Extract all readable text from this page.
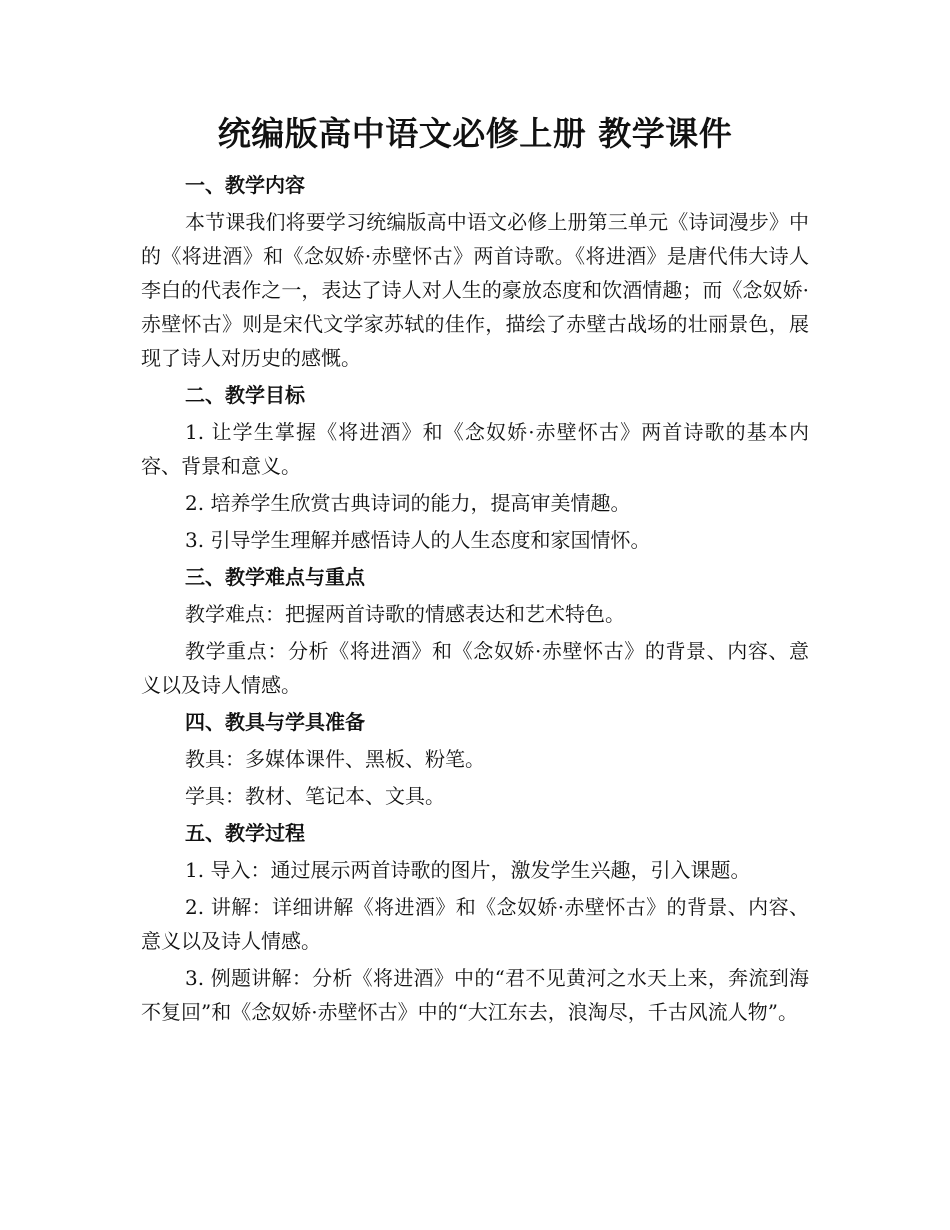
统编版高中语文必修上册 教学课件
一、教学内容

本节课我们将要学习统编版高中语文必修上册第三单元《诗词漫步》中的《将进酒》和《念奴娇·赤壁怀古》两首诗歌。《将进酒》是唐代伟大诗人李白的代表作之一，表达了诗人对人生的豪放态度和饮酒情趣；而《念奴娇·赤壁怀古》则是宋代文学家苏轼的佳作，描绘了赤壁古战场的壮丽景色，展现了诗人对历史的感慨。

二、教学目标

1. 让学生掌握《将进酒》和《念奴娇·赤壁怀古》两首诗歌的基本内容、背景和意义。

2. 培养学生欣赏古典诗词的能力，提高审美情趣。

3. 引导学生理解并感悟诗人的人生态度和家国情怀。

三、教学难点与重点

教学难点：把握两首诗歌的情感表达和艺术特色。

教学重点：分析《将进酒》和《念奴娇·赤壁怀古》的背景、内容、意义以及诗人情感。

四、教具与学具准备

教具：多媒体课件、黑板、粉笔。

学具：教材、笔记本、文具。

五、教学过程

1. 导入：通过展示两首诗歌的图片，激发学生兴趣，引入课题。

2. 讲解：详细讲解《将进酒》和《念奴娇·赤壁怀古》的背景、内容、意义以及诗人情感。

3. 例题讲解：分析《将进酒》中的“君不见黄河之水天上来，奔流到海不复回”和《念奴娇·赤壁怀古》中的“大江东去，浪淘尽，千古风流人物”。
